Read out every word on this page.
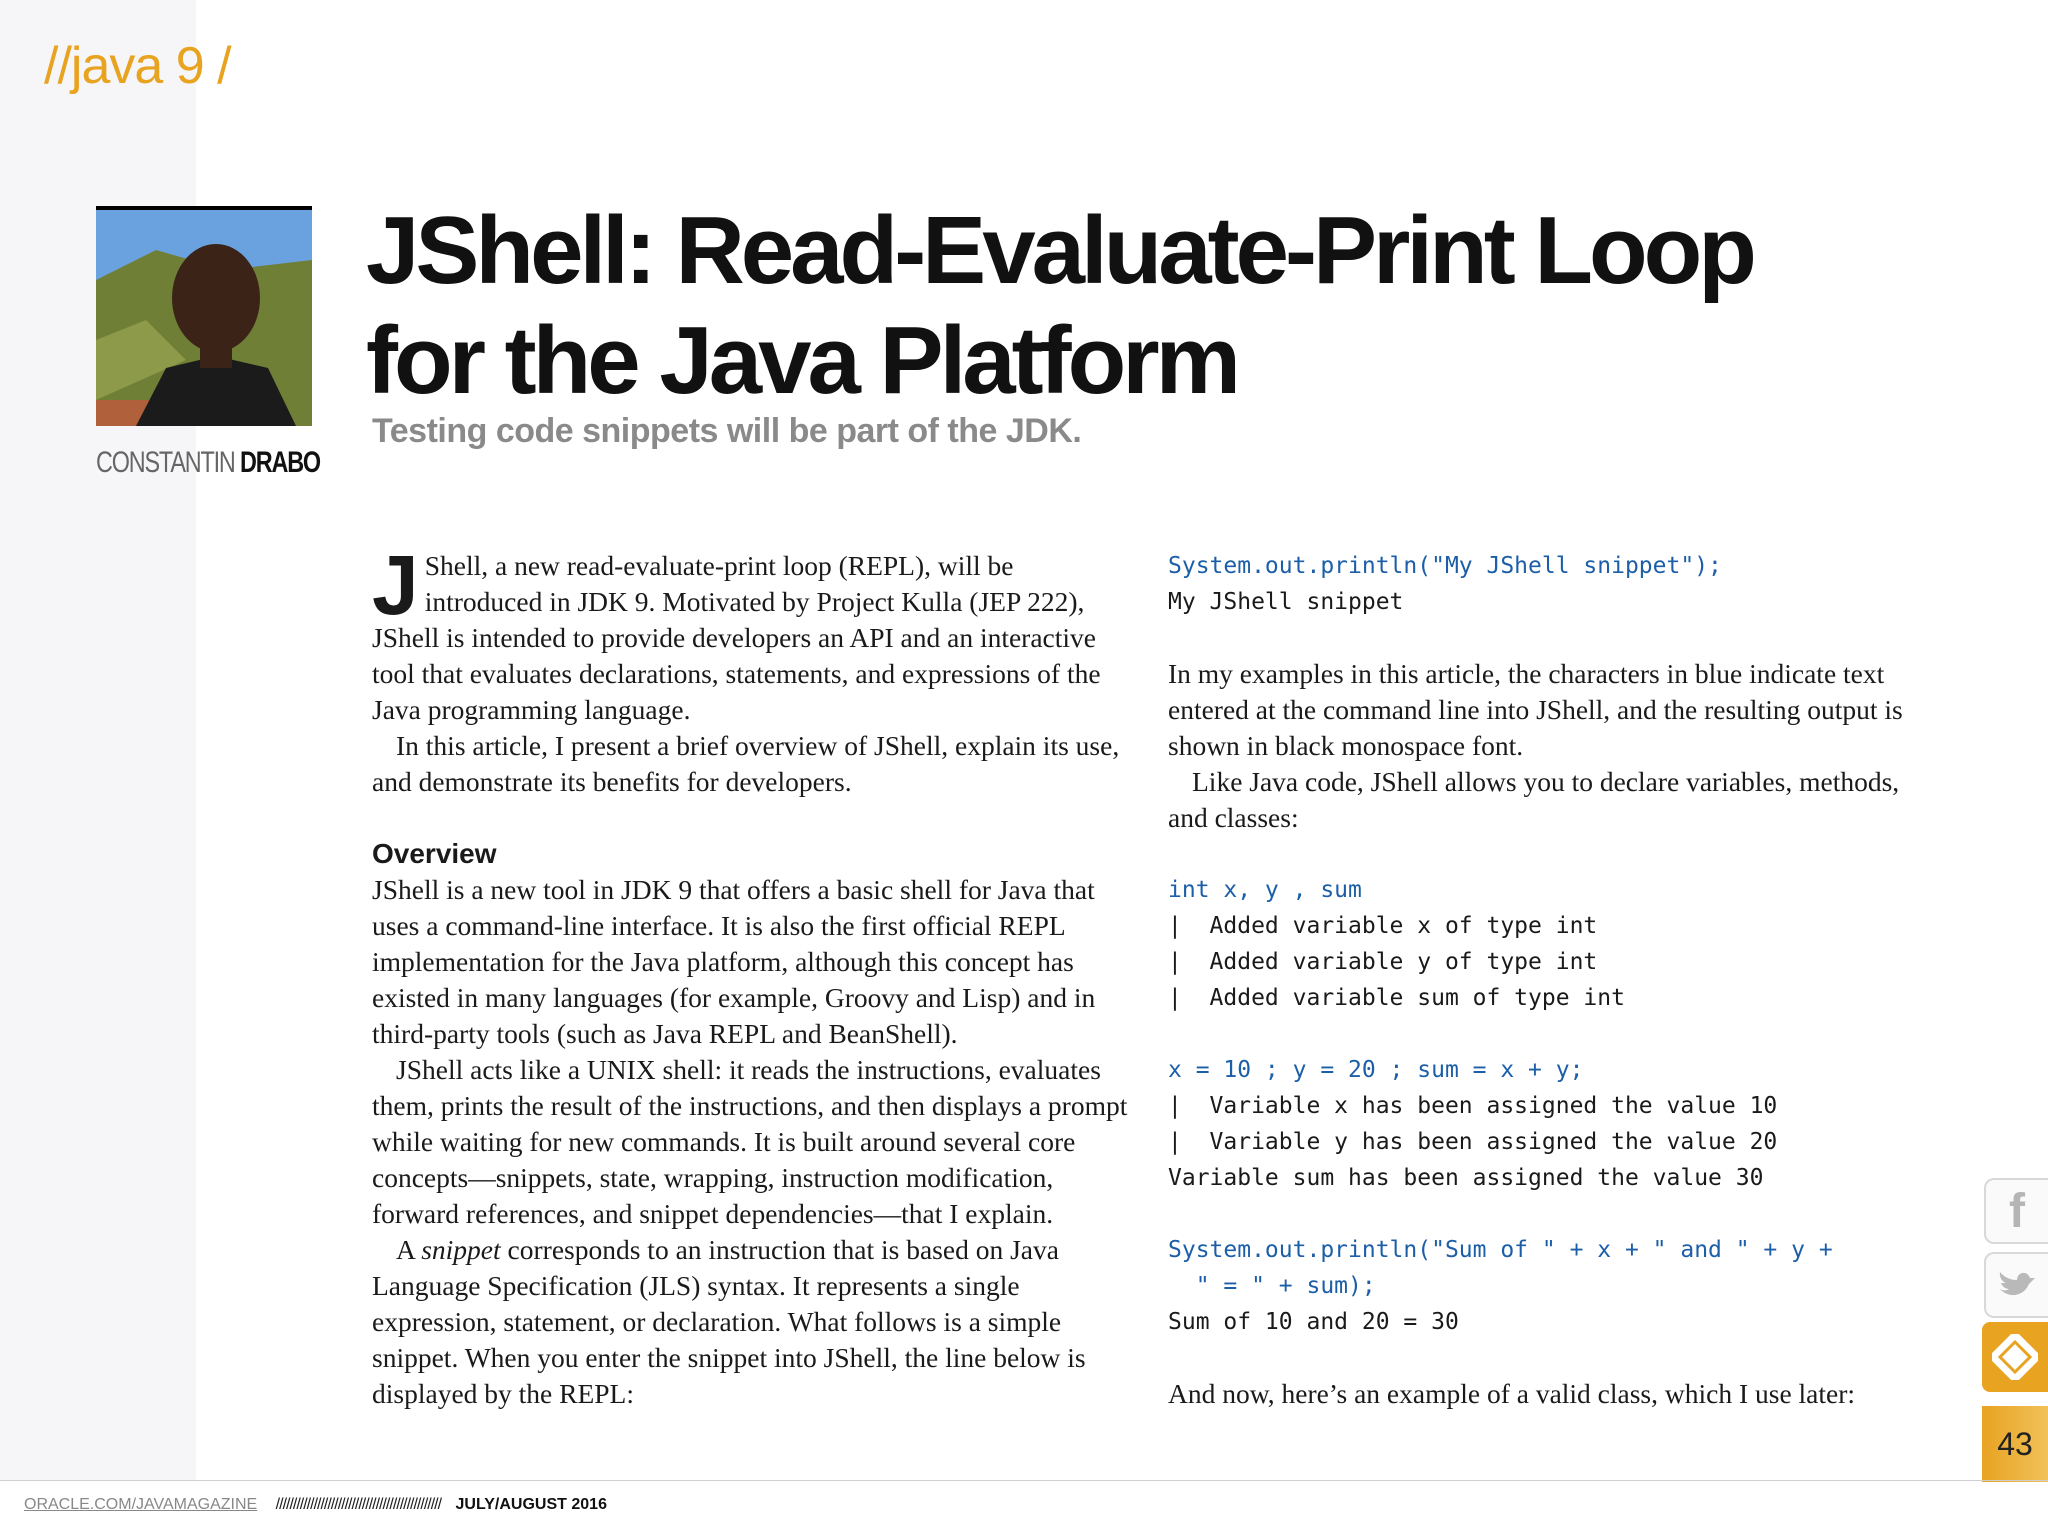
//java 9 /
CONSTANTIN DRABO
JShell: Read-Evaluate-Print Loop
for the Java Platform
Testing code snippets will be part of the JDK.

J Shell, a new read-evaluate-print loop (REPL), will be introduced in JDK 9. Motivated by Project Kulla (JEP 222), JShell is intended to provide developers an API and an interactive tool that evaluates declarations, statements, and expressions of the Java programming language.

In this article, I present a brief overview of JShell, explain its use, and demonstrate its benefits for developers.

Overview

JShell is a new tool in JDK 9 that offers a basic shell for Java that uses a command-line interface. It is also the first official REPL implementation for the Java platform, although this concept has existed in many languages (for example, Groovy and Lisp) and in third-party tools (such as Java REPL and BeanShell).

JShell acts like a UNIX shell: it reads the instructions, evaluates them, prints the result of the instructions, and then displays a prompt while waiting for new commands. It is built around several core concepts—snippets, state, wrapping, instruction modification, forward references, and snippet dependencies—that I explain.

A snippet corresponds to an instruction that is based on Java Language Specification (JLS) syntax. It represents a single expression, statement, or declaration. What follows is a simple snippet. When you enter the snippet into JShell, the line below is displayed by the REPL:

System.out.println("My JShell snippet");
My JShell snippet

In my examples in this article, the characters in blue indicate text entered at the command line into JShell, and the resulting output is shown in black monospace font.

Like Java code, JShell allows you to declare variables, methods, and classes:

int x, y , sum
|  Added variable x of type int
|  Added variable y of type int
|  Added variable sum of type int
x = 10 ; y = 20 ; sum = x + y;
|  Variable x has been assigned the value 10
|  Variable y has been assigned the value 20
Variable sum has been assigned the value 30
System.out.println("Sum of " + x + " and " + y +
" = " + sum);
Sum of 10 and 20 = 30

And now, here’s an example of a valid class, which I use later:

f
43
ORACLE.COM/JAVAMAGAZINE //////////////////////////////////////////////// JULY/AUGUST 2016
